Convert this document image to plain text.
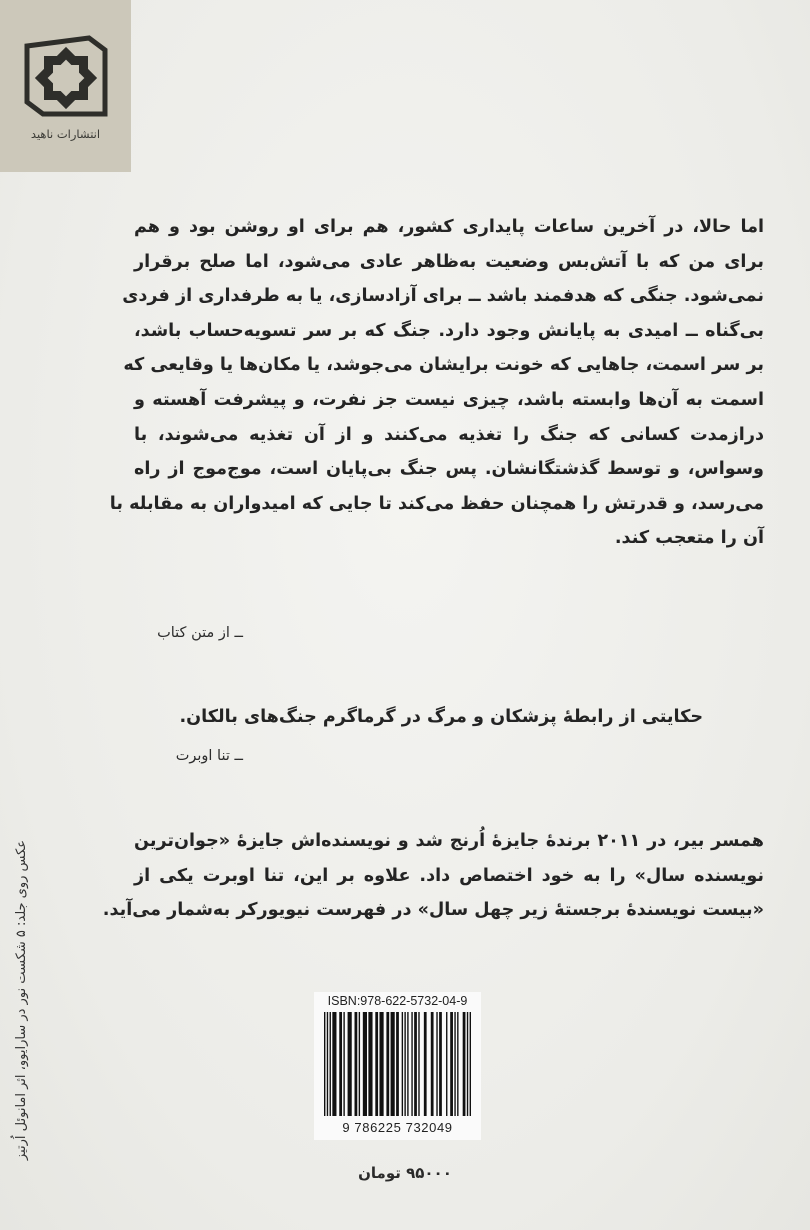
انتشارات ناهید
اما حالا، در آخرین ساعات پایداری کشور، هم برای او روشن بود و هم
برای من که با آتش‌بس وضعیت به‌ظاهر عادی می‌شود، اما صلح برقرار
نمی‌شود. جنگی که هدفمند باشد ــ برای آزادسازی، یا به طرفداری از فردی
بی‌گناه ــ امیدی به پایانش وجود دارد. جنگ که بر سر تسویه‌حساب باشد،
بر سر اسمت، جاهایی که خونت برایشان می‌جوشد، یا مکان‌ها یا وقایعی که
اسمت به آن‌ها وابسته باشد، چیزی نیست جز نفرت، و پیشرفت آهسته و
درازمدت کسانی که جنگ را تغذیه می‌کنند و از آن تغذیه می‌شوند، با
وسواس، و توسط گذشتگانشان. پس جنگ بی‌پایان است، موج‌موج از راه
می‌رسد، و قدرتش را همچنان حفظ می‌کند تا جایی که امیدواران به مقابله با
آن را متعجب کند.
ــ از متن کتاب
حکایتی از رابطهٔ پزشکان و مرگ در گرماگرم جنگ‌های بالکان.
ــ تنا اوبرت
همسر بیر، در ۲۰۱۱ برندهٔ جایزهٔ اُرنج شد و نویسنده‌اش جایزهٔ «جوان‌ترین
نویسنده سال» را به خود اختصاص داد. علاوه بر این، تنا اوبرت یکی از
«بیست نویسندهٔ برجستهٔ زیر چهل سال» در فهرست نیویورکر به‌شمار می‌آید.
عکس روی جلد: ۵ شکست نور در سارایوو، اثر امانوئل اُرتیز
ISBN:978-622-5732-04-9
9 786225 732049
۹۵۰۰۰ تومان
